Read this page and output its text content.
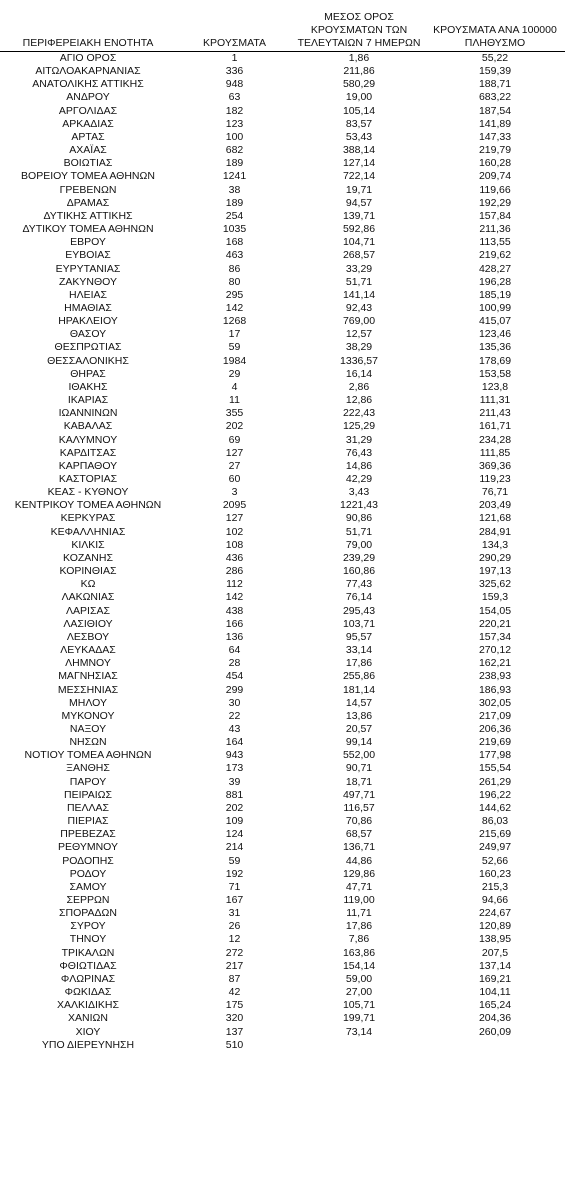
ΠΕΡΙΦΕΡΕΙΑΚΗ ΕΝΟΤΗΤΑ	ΚΡΟΥΣΜΑΤΑ	ΜΕΣΟΣ ΟΡΟΣ ΚΡΟΥΣΜΑΤΩΝ ΤΩΝ ΤΕΛΕΥΤΑΙΩΝ 7 ΗΜΕΡΩΝ	ΚΡΟΥΣΜΑΤΑ ΑΝΑ 100000 ΠΛΗΘΥΣΜΟ
ΑΓΙΟ ΟΡΟΣ	1	1,86	55,22
ΑΙΤΩΛΟΑΚΑΡΝΑΝΙΑΣ	336	211,86	159,39
ΑΝΑΤΟΛΙΚΗΣ ΑΤΤΙΚΗΣ	948	580,29	188,71
ΑΝΔΡΟΥ	63	19,00	683,22
ΑΡΓΟΛΙΔΑΣ	182	105,14	187,54
ΑΡΚΑΔΙΑΣ	123	83,57	141,89
ΑΡΤΑΣ	100	53,43	147,33
ΑΧΑΪΑΣ	682	388,14	219,79
ΒΟΙΩΤΙΑΣ	189	127,14	160,28
ΒΟΡΕΙΟΥ ΤΟΜΕΑ ΑΘΗΝΩΝ	1241	722,14	209,74
ΓΡΕΒΕΝΩΝ	38	19,71	119,66
ΔΡΑΜΑΣ	189	94,57	192,29
ΔΥΤΙΚΗΣ ΑΤΤΙΚΗΣ	254	139,71	157,84
ΔΥΤΙΚΟΥ ΤΟΜΕΑ ΑΘΗΝΩΝ	1035	592,86	211,36
ΕΒΡΟΥ	168	104,71	113,55
ΕΥΒΟΙΑΣ	463	268,57	219,62
ΕΥΡΥΤΑΝΙΑΣ	86	33,29	428,27
ΖΑΚΥΝΘΟΥ	80	51,71	196,28
ΗΛΕΙΑΣ	295	141,14	185,19
ΗΜΑΘΙΑΣ	142	92,43	100,99
ΗΡΑΚΛΕΙΟΥ	1268	769,00	415,07
ΘΑΣΟΥ	17	12,57	123,46
ΘΕΣΠΡΩΤΙΑΣ	59	38,29	135,36
ΘΕΣΣΑΛΟΝΙΚΗΣ	1984	1336,57	178,69
ΘΗΡΑΣ	29	16,14	153,58
ΙΘΑΚΗΣ	4	2,86	123,8
ΙΚΑΡΙΑΣ	11	12,86	111,31
ΙΩΑΝΝΙΝΩΝ	355	222,43	211,43
ΚΑΒΑΛΑΣ	202	125,29	161,71
ΚΑΛΥΜΝΟΥ	69	31,29	234,28
ΚΑΡΔΙΤΣΑΣ	127	76,43	111,85
ΚΑΡΠΑΘΟΥ	27	14,86	369,36
ΚΑΣΤΟΡΙΑΣ	60	42,29	119,23
ΚΕΑΣ - ΚΥΘΝΟΥ	3	3,43	76,71
ΚΕΝΤΡΙΚΟΥ ΤΟΜΕΑ ΑΘΗΝΩΝ	2095	1221,43	203,49
ΚΕΡΚΥΡΑΣ	127	90,86	121,68
ΚΕΦΑΛΛΗΝΙΑΣ	102	51,71	284,91
ΚΙΛΚΙΣ	108	79,00	134,3
ΚΟΖΑΝΗΣ	436	239,29	290,29
ΚΟΡΙΝΘΙΑΣ	286	160,86	197,13
ΚΩ	112	77,43	325,62
ΛΑΚΩΝΙΑΣ	142	76,14	159,3
ΛΑΡΙΣΑΣ	438	295,43	154,05
ΛΑΣΙΘΙΟΥ	166	103,71	220,21
ΛΕΣΒΟΥ	136	95,57	157,34
ΛΕΥΚΑΔΑΣ	64	33,14	270,12
ΛΗΜΝΟΥ	28	17,86	162,21
ΜΑΓΝΗΣΙΑΣ	454	255,86	238,93
ΜΕΣΣΗΝΙΑΣ	299	181,14	186,93
ΜΗΛΟΥ	30	14,57	302,05
ΜΥΚΟΝΟΥ	22	13,86	217,09
ΝΑΞΟΥ	43	20,57	206,36
ΝΗΣΩΝ	164	99,14	219,69
ΝΟΤΙΟΥ ΤΟΜΕΑ ΑΘΗΝΩΝ	943	552,00	177,98
ΞΑΝΘΗΣ	173	90,71	155,54
ΠΑΡΟΥ	39	18,71	261,29
ΠΕΙΡΑΙΩΣ	881	497,71	196,22
ΠΕΛΛΑΣ	202	116,57	144,62
ΠΙΕΡΙΑΣ	109	70,86	86,03
ΠΡΕΒΕΖΑΣ	124	68,57	215,69
ΡΕΘΥΜΝΟΥ	214	136,71	249,97
ΡΟΔΟΠΗΣ	59	44,86	52,66
ΡΟΔΟΥ	192	129,86	160,23
ΣΑΜΟΥ	71	47,71	215,3
ΣΕΡΡΩΝ	167	119,00	94,66
ΣΠΟΡΑΔΩΝ	31	11,71	224,67
ΣΥΡΟΥ	26	17,86	120,89
ΤΗΝΟΥ	12	7,86	138,95
ΤΡΙΚΑΛΩΝ	272	163,86	207,5
ΦΘΙΩΤΙΔΑΣ	217	154,14	137,14
ΦΛΩΡΙΝΑΣ	87	59,00	169,21
ΦΩΚΙΔΑΣ	42	27,00	104,11
ΧΑΛΚΙΔΙΚΗΣ	175	105,71	165,24
ΧΑΝΙΩΝ	320	199,71	204,36
ΧΙΟΥ	137	73,14	260,09
ΥΠΟ ΔΙΕΡΕΥΝΗΣΗ	510		
